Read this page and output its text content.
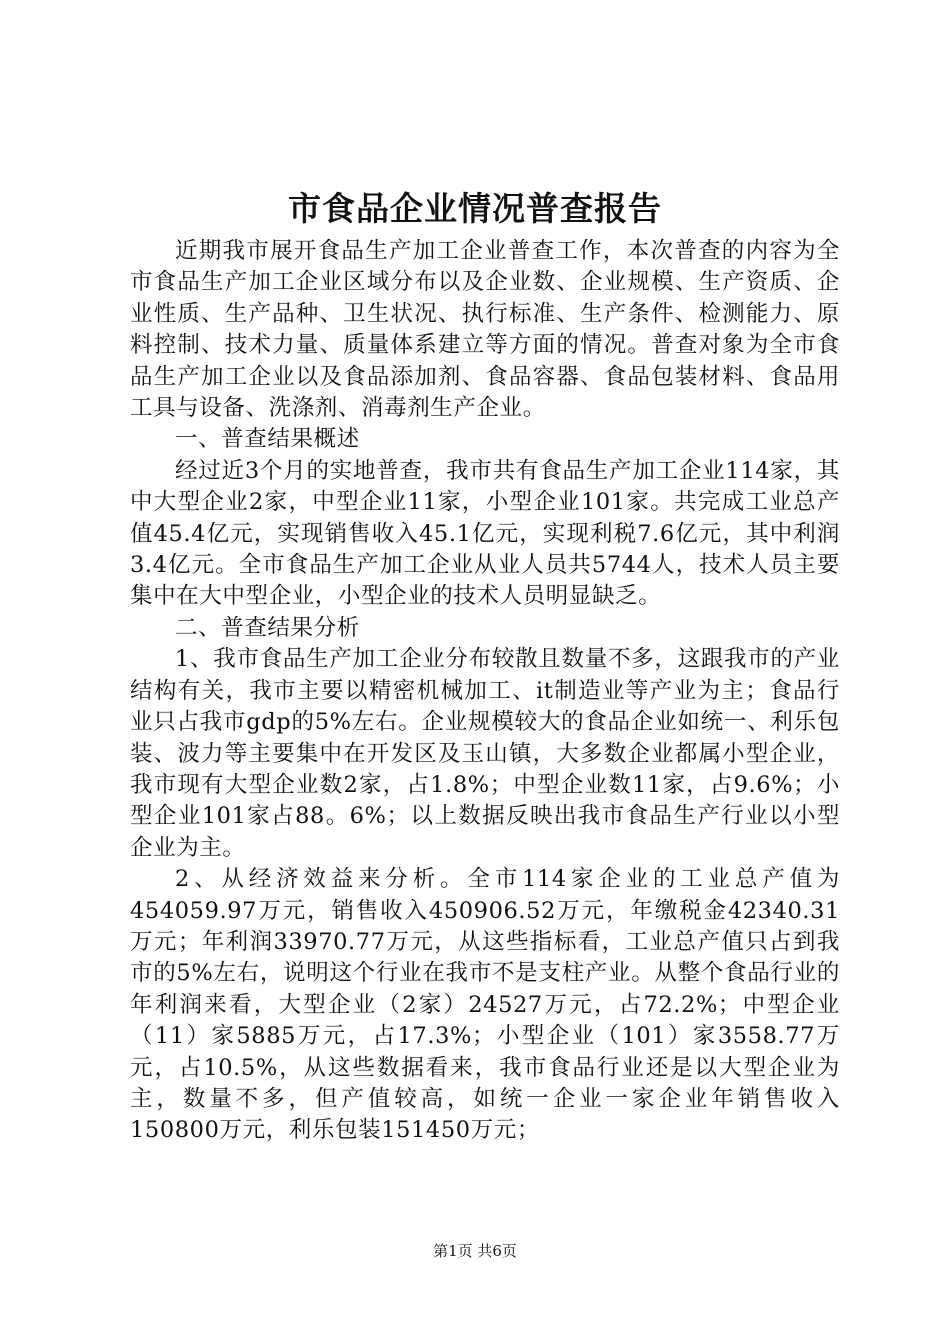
市食品企业情况普查报告

近期我市展开食品生产加工企业普查工作，本次普查的内容为全市食品生产加工企业区域分布以及企业数、企业规模、生产资质、企业性质、生产品种、卫生状况、执行标准、生产条件、检测能力、原料控制、技术力量、质量体系建立等方面的情况。普查对象为全市食品生产加工企业以及食品添加剂、食品容器、食品包装材料、食品用工具与设备、洗涤剂、消毒剂生产企业。

一、普查结果概述

经过近3个月的实地普查，我市共有食品生产加工企业114家，其中大型企业2家，中型企业11家，小型企业101家。共完成工业总产值45.4亿元，实现销售收入45.1亿元，实现利税7.6亿元，其中利润3.4亿元。全市食品生产加工企业从业人员共5744人，技术人员主要集中在大中型企业，小型企业的技术人员明显缺乏。

二、普查结果分析

1、我市食品生产加工企业分布较散且数量不多，这跟我市的产业结构有关，我市主要以精密机械加工、it制造业等产业为主；食品行业只占我市gdp的5%左右。企业规模较大的食品企业如统一、利乐包装、波力等主要集中在开发区及玉山镇，大多数企业都属小型企业，我市现有大型企业数2家，占1.8%；中型企业数11家，占9.6%；小型企业101家占88。6%；以上数据反映出我市食品生产行业以小型企业为主。

2、从经济效益来分析。全市114家企业的工业总产值为454059.97万元，销售收入450906.52万元，年缴税金42340.31万元；年利润33970.77万元，从这些指标看，工业总产值只占到我市的5%左右，说明这个行业在我市不是支柱产业。从整个食品行业的年利润来看，大型企业（2家）24527万元，占72.2%；中型企业（11）家5885万元，占17.3%；小型企业（101）家3558.77万元，占10.5%，从这些数据看来，我市食品行业还是以大型企业为主，数量不多，但产值较高，如统一企业一家企业年销售收入150800万元，利乐包装151450万元；

第1页 共6页
